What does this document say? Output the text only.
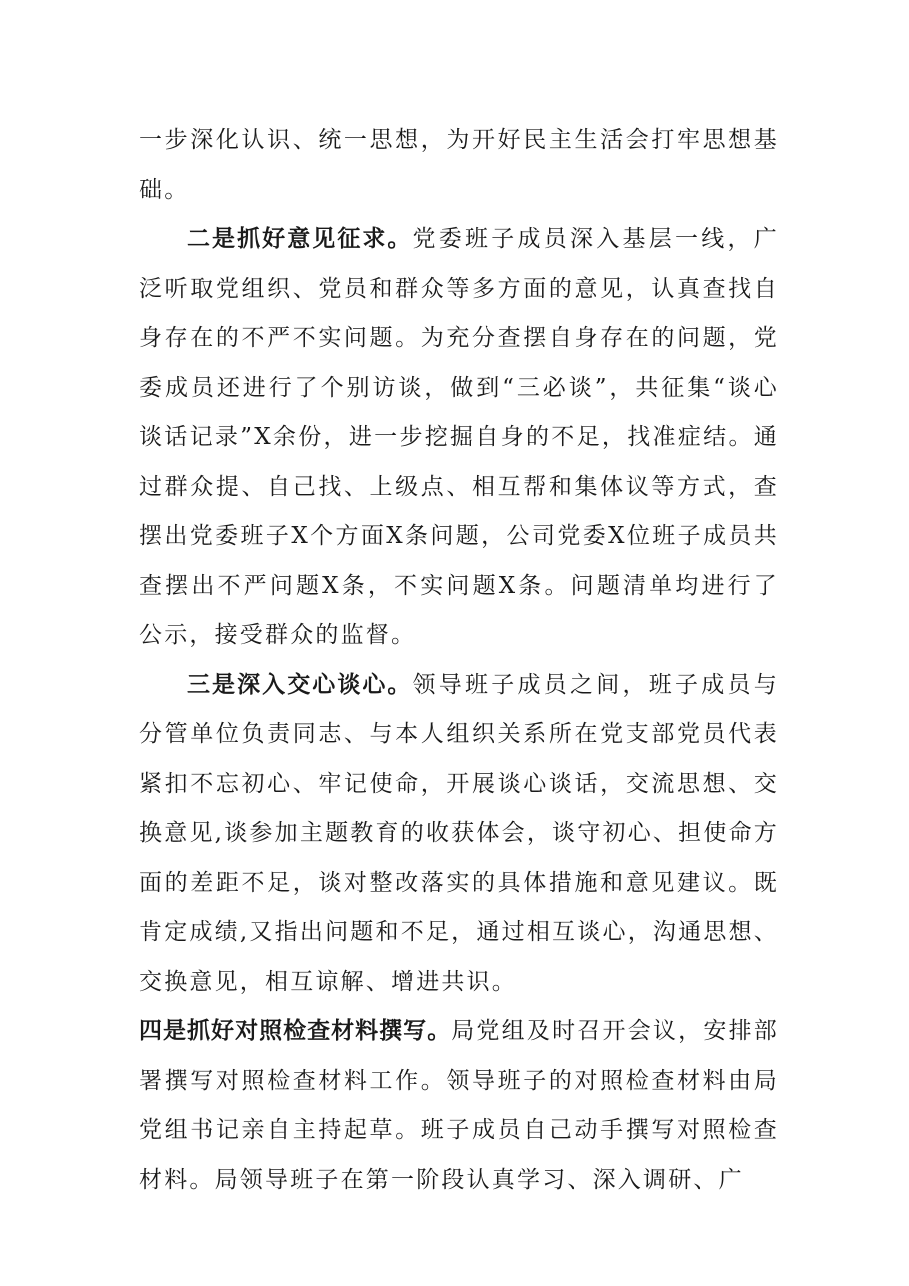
一步深化认识、统一思想，为开好民主生活会打牢思想基础。

二是抓好意见征求。党委班子成员深入基层一线，广泛听取党组织、党员和群众等多方面的意见，认真查找自身存在的不严不实问题。为充分查摆自身存在的问题，党委成员还进行了个别访谈，做到“三必谈”，共征集“谈心谈话记录”X余份，进一步挖掘自身的不足，找准症结。通过群众提、自己找、上级点、相互帮和集体议等方式，查摆出党委班子X个方面X条问题，公司党委X位班子成员共查摆出不严问题X条，不实问题X条。问题清单均进行了公示，接受群众的监督。

三是深入交心谈心。领导班子成员之间，班子成员与分管单位负责同志、与本人组织关系所在党支部党员代表紧扣不忘初心、牢记使命，开展谈心谈话，交流思想、交换意见,谈参加主题教育的收获体会，谈守初心、担使命方面的差距不足，谈对整改落实的具体措施和意见建议。既肯定成绩,又指出问题和不足，通过相互谈心，沟通思想、交换意见，相互谅解、增进共识。

四是抓好对照检查材料撰写。局党组及时召开会议，安排部署撰写对照检查材料工作。领导班子的对照检查材料由局党组书记亲自主持起草。班子成员自己动手撰写对照检查材料。局领导班子在第一阶段认真学习、深入调研、广
